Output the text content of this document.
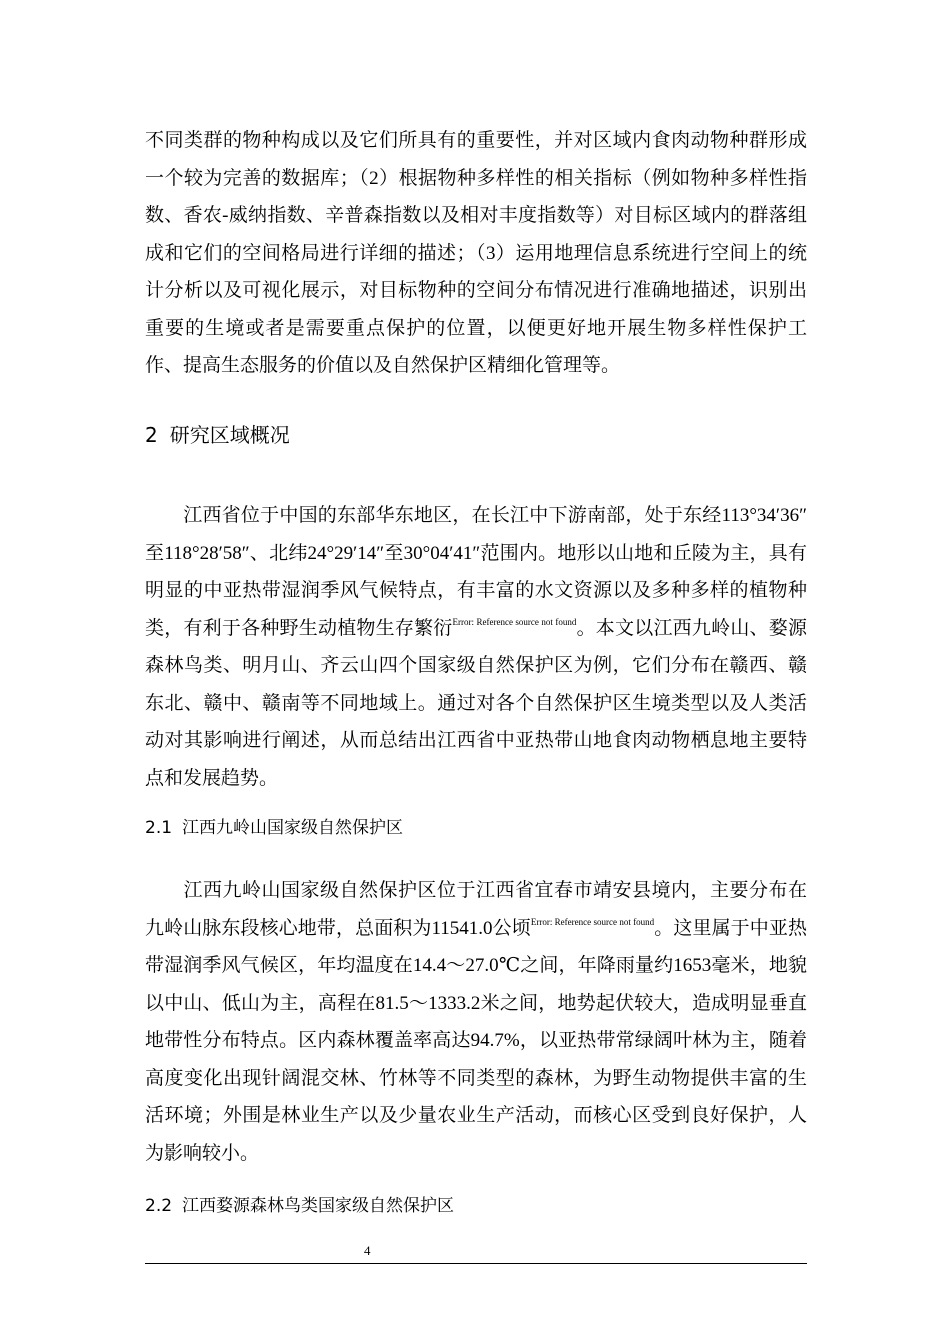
不同类群的物种构成以及它们所具有的重要性，并对区域内食肉动物种群形成一个较为完善的数据库；（2）根据物种多样性的相关指标（例如物种多样性指数、香农-威纳指数、辛普森指数以及相对丰度指数等）对目标区域内的群落组成和它们的空间格局进行详细的描述；（3）运用地理信息系统进行空间上的统计分析以及可视化展示，对目标物种的空间分布情况进行准确地描述，识别出重要的生境或者是需要重点保护的位置，以便更好地开展生物多样性保护工作、提高生态服务的价值以及自然保护区精细化管理等。

2 研究区域概况

江西省位于中国的东部华东地区，在长江中下游南部，处于东经113°34′36″至118°28′58″、北纬24°29′14″至30°04′41″范围内。地形以山地和丘陵为主，具有明显的中亚热带湿润季风气候特点，有丰富的水文资源以及多种多样的植物种类，有利于各种野生动植物生存繁衍$^{Error: Reference source not found}$。本文以江西九岭山、婺源森林鸟类、明月山、齐云山四个国家级自然保护区为例，它们分布在赣西、赣东北、赣中、赣南等不同地域上。通过对各个自然保护区生境类型以及人类活动对其影响进行阐述，从而总结出江西省中亚热带山地食肉动物栖息地主要特点和发展趋势。

2.1 江西九岭山国家级自然保护区

江西九岭山国家级自然保护区位于江西省宜春市靖安县境内，主要分布在九岭山脉东段核心地带，总面积为11541.0公顷$^{Error: Reference source not found}$。这里属于中亚热带湿润季风气候区，年均温度在14.4～27.0℃之间，年降雨量约1653毫米，地貌以中山、低山为主，高程在81.5～1333.2米之间，地势起伏较大，造成明显垂直地带性分布特点。区内森林覆盖率高达94.7%，以亚热带常绿阔叶林为主，随着高度变化出现针阔混交林、竹林等不同类型的森林，为野生动物提供丰富的生活环境；外围是林业生产以及少量农业生产活动，而核心区受到良好保护，人为影响较小。

2.2 江西婺源森林鸟类国家级自然保护区
4
